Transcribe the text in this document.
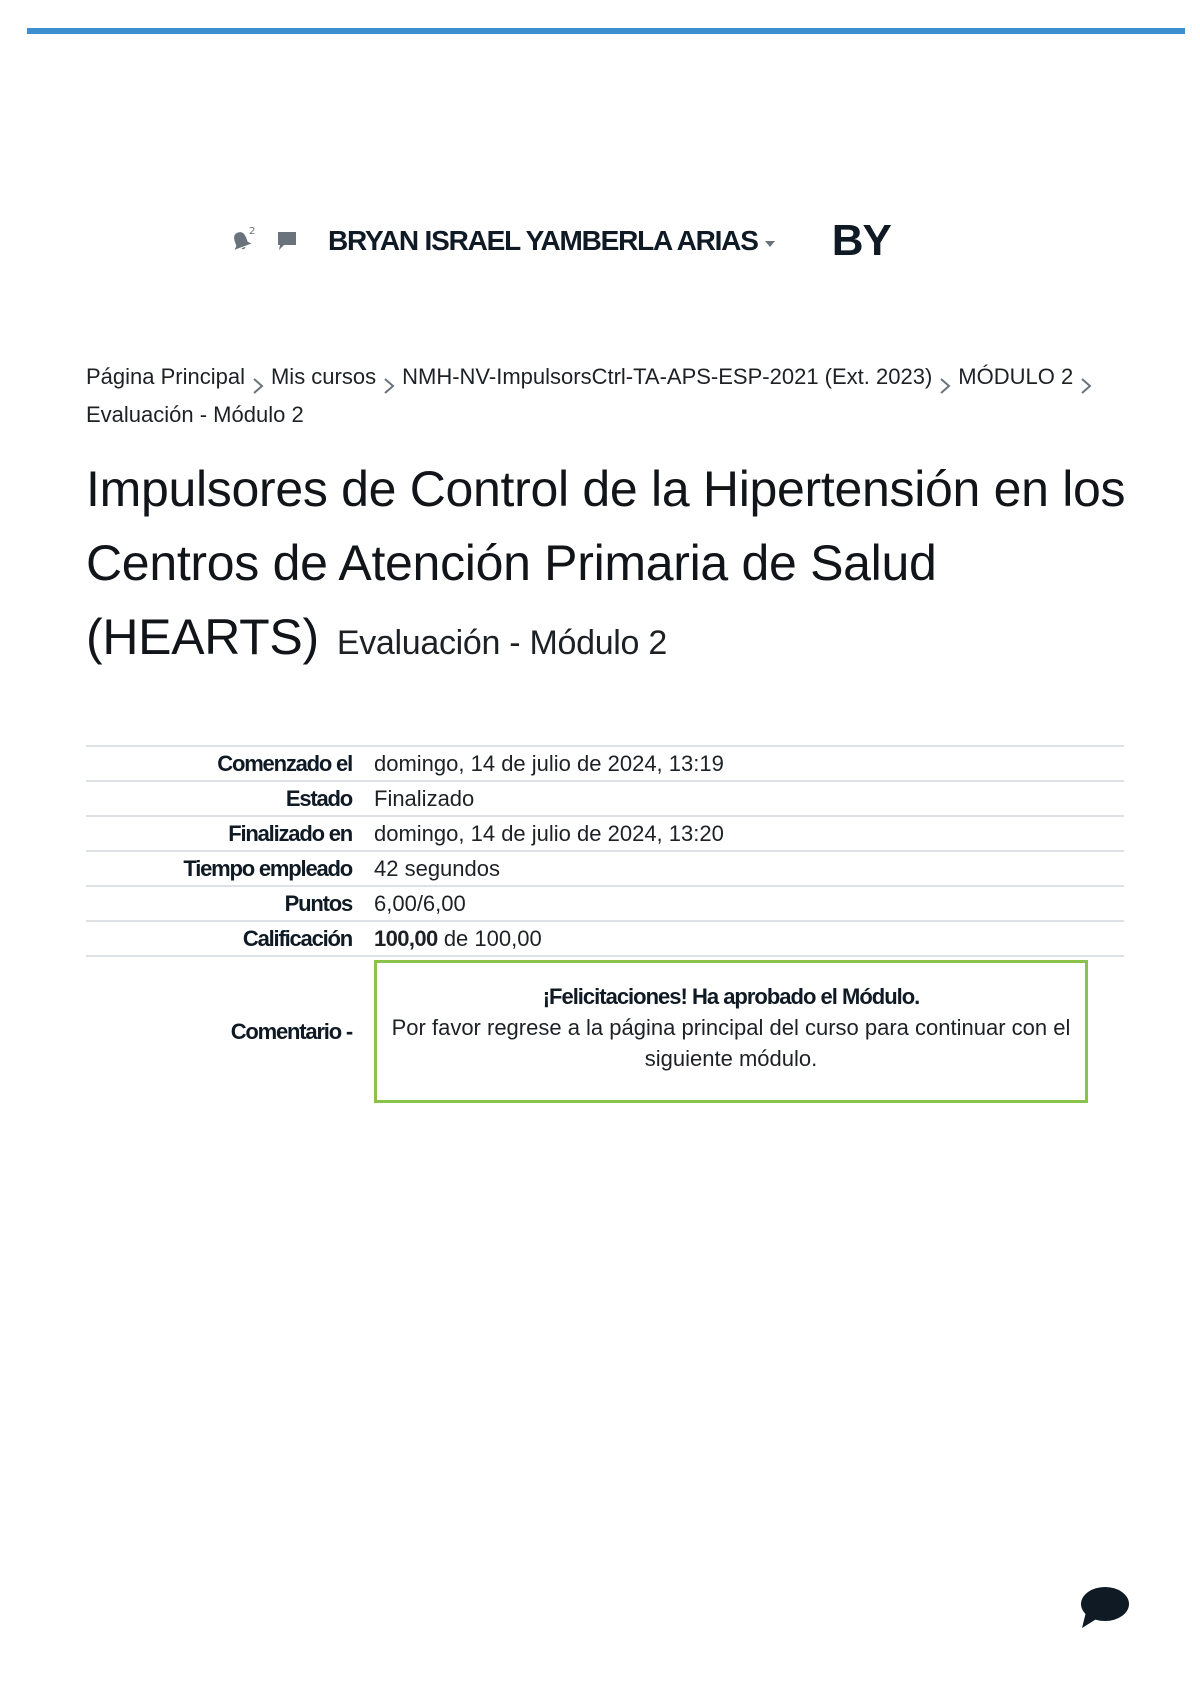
2	BRYAN ISRAEL YAMBERLA ARIAS BY
Página Principal Mis cursos NMH-NV-ImpulsorsCtrl-TA-APS-ESP-2021 (Ext. 2023) MÓDULO 2Evaluación - Módulo 2
Impulsores de Control de la Hipertensión en los Centros de Atención Primaria de Salud (HEARTS) Evaluación - Módulo 2
Comenzado el	domingo, 14 de julio de 2024, 13:19
Estado	Finalizado
Finalizado en	domingo, 14 de julio de 2024, 13:20
Tiempo empleado	42 segundos
Puntos	6,00/6,00
Calificación	100,00 de 100,00
Comentario -	¡Felicitaciones! Ha aprobado el Módulo.
Por favor regrese a la página principal del curso para continuar con el siguiente módulo.
